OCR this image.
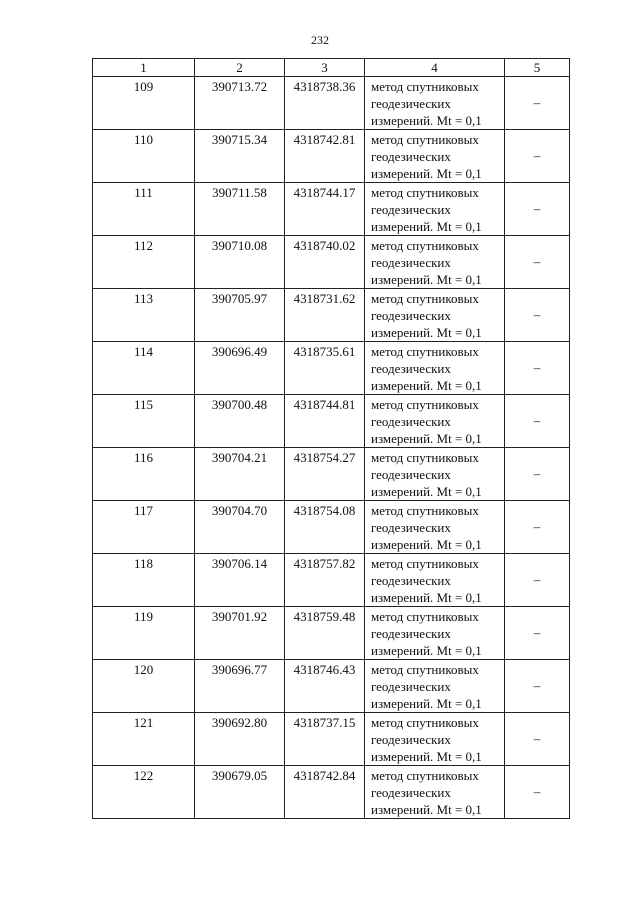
232
1	2	3	4	5
109	390713.72	4318738.36	метод спутниковых
геодезических
измерений. Mt = 0,1	–
110	390715.34	4318742.81	метод спутниковых
геодезических
измерений. Mt = 0,1	–
111	390711.58	4318744.17	метод спутниковых
геодезических
измерений. Mt = 0,1	–
112	390710.08	4318740.02	метод спутниковых
геодезических
измерений. Mt = 0,1	–
113	390705.97	4318731.62	метод спутниковых
геодезических
измерений. Mt = 0,1	–
114	390696.49	4318735.61	метод спутниковых
геодезических
измерений. Mt = 0,1	–
115	390700.48	4318744.81	метод спутниковых
геодезических
измерений. Mt = 0,1	–
116	390704.21	4318754.27	метод спутниковых
геодезических
измерений. Mt = 0,1	–
117	390704.70	4318754.08	метод спутниковых
геодезических
измерений. Mt = 0,1	–
118	390706.14	4318757.82	метод спутниковых
геодезических
измерений. Mt = 0,1	–
119	390701.92	4318759.48	метод спутниковых
геодезических
измерений. Mt = 0,1	–
120	390696.77	4318746.43	метод спутниковых
геодезических
измерений. Mt = 0,1	–
121	390692.80	4318737.15	метод спутниковых
геодезических
измерений. Mt = 0,1	–
122	390679.05	4318742.84	метод спутниковых
геодезических
измерений. Mt = 0,1	–
